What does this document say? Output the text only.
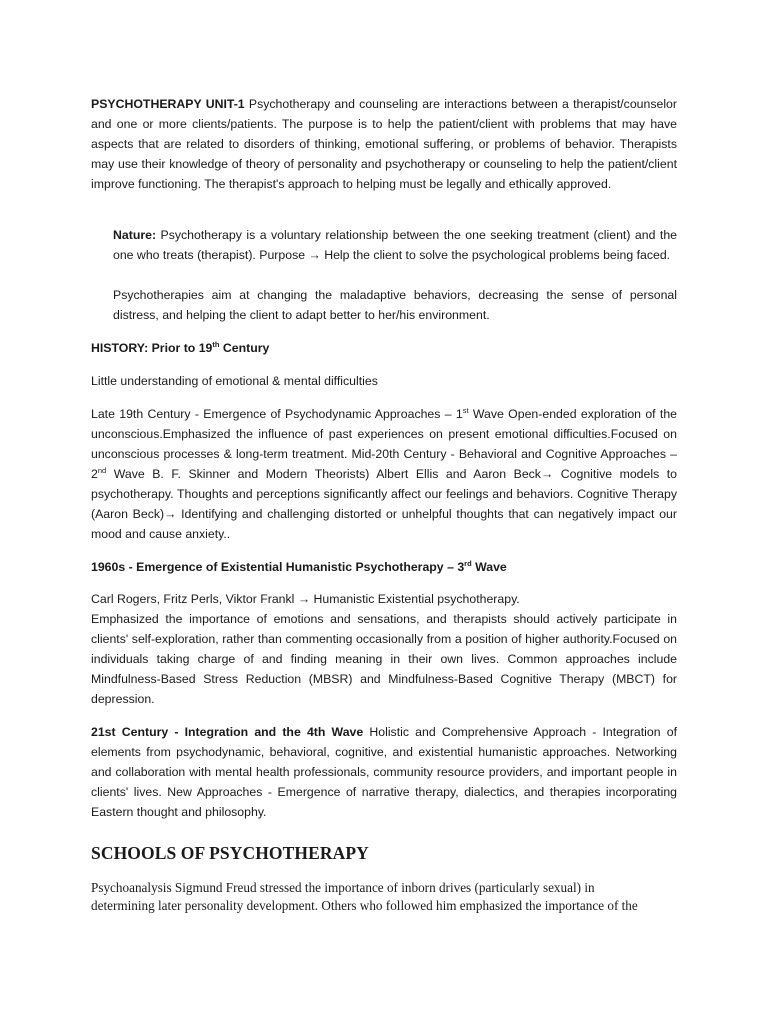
PSYCHOTHERAPY UNIT-1 Psychotherapy and counseling are interactions between a therapist/counselor and one or more clients/patients. The purpose is to help the patient/client with problems that may have aspects that are related to disorders of thinking, emotional suffering, or problems of behavior. Therapists may use their knowledge of theory of personality and psychotherapy or counseling to help the patient/client improve functioning. The therapist's approach to helping must be legally and ethically approved.

Nature: Psychotherapy is a voluntary relationship between the one seeking treatment (client) and the one who treats (therapist). Purpose → Help the client to solve the psychological problems being faced.

Psychotherapies aim at changing the maladaptive behaviors, decreasing the sense of personal distress, and helping the client to adapt better to her/his environment.

HISTORY: Prior to 19th Century

Little understanding of emotional & mental difficulties

Late 19th Century - Emergence of Psychodynamic Approaches – 1st Wave Open-ended exploration of the unconscious.Emphasized the influence of past experiences on present emotional difficulties.Focused on unconscious processes & long-term treatment. Mid-20th Century - Behavioral and Cognitive Approaches – 2nd Wave B. F. Skinner and Modern Theorists) Albert Ellis and Aaron Beck→ Cognitive models to psychotherapy. Thoughts and perceptions significantly affect our feelings and behaviors. Cognitive Therapy (Aaron Beck)→ Identifying and challenging distorted or unhelpful thoughts that can negatively impact our mood and cause anxiety..

1960s - Emergence of Existential Humanistic Psychotherapy – 3rd Wave

Carl Rogers, Fritz Perls, Viktor Frankl → Humanistic Existential psychotherapy.

Emphasized the importance of emotions and sensations, and therapists should actively participate in clients' self-exploration, rather than commenting occasionally from a position of higher authority.Focused on individuals taking charge of and finding meaning in their own lives. Common approaches include Mindfulness-Based Stress Reduction (MBSR) and Mindfulness-Based Cognitive Therapy (MBCT) for depression.

21st Century - Integration and the 4th Wave Holistic and Comprehensive Approach - Integration of elements from psychodynamic, behavioral, cognitive, and existential humanistic approaches. Networking and collaboration with mental health professionals, community resource providers, and important people in clients' lives. New Approaches - Emergence of narrative therapy, dialectics, and therapies incorporating Eastern thought and philosophy.

SCHOOLS OF PSYCHOTHERAPY

Psychoanalysis Sigmund Freud stressed the importance of inborn drives (particularly sexual) in

determining later personality development. Others who followed him emphasized the importance of the
